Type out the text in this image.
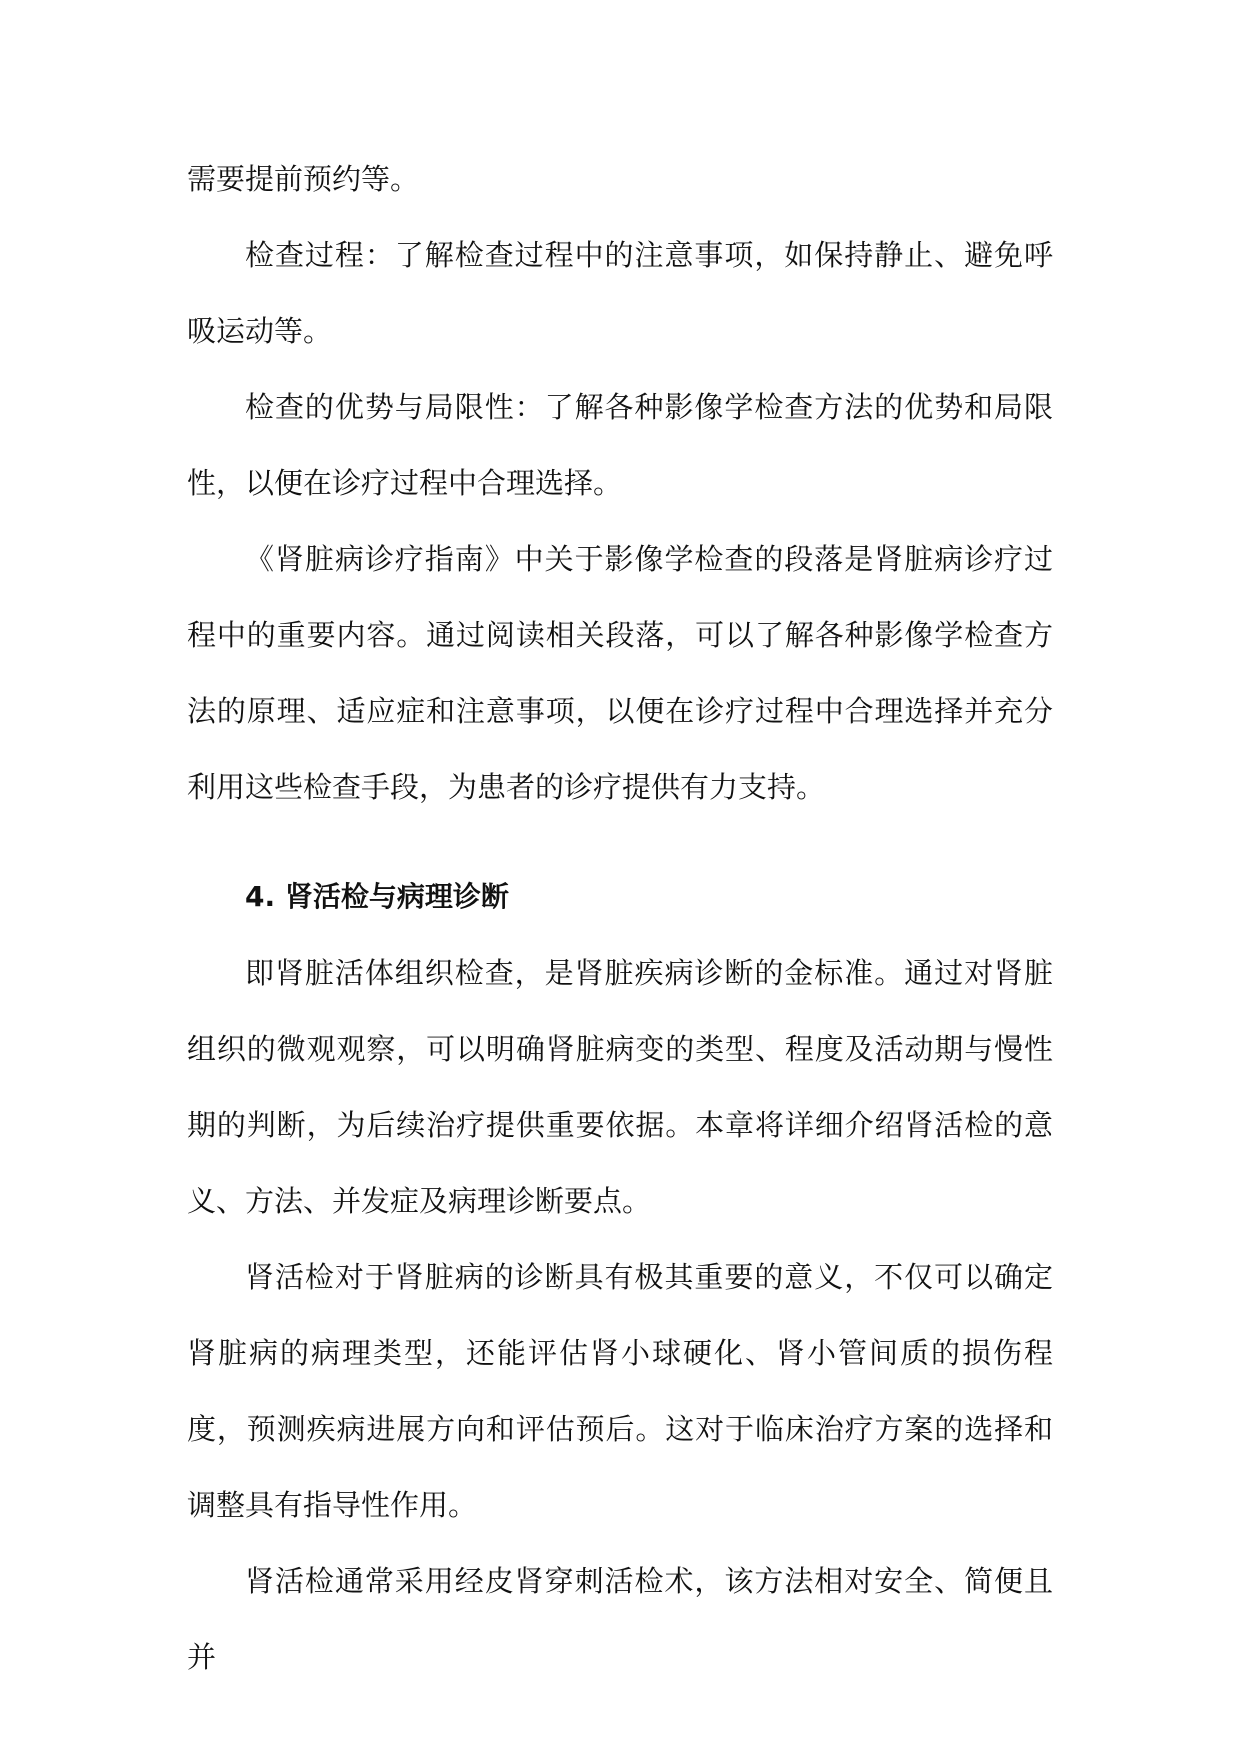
需要提前预约等。

检查过程：了解检查过程中的注意事项，如保持静止、避免呼吸运动等。

检查的优势与局限性：了解各种影像学检查方法的优势和局限性，以便在诊疗过程中合理选择。

《肾脏病诊疗指南》中关于影像学检查的段落是肾脏病诊疗过程中的重要内容。通过阅读相关段落，可以了解各种影像学检查方法的原理、适应症和注意事项，以便在诊疗过程中合理选择并充分利用这些检查手段，为患者的诊疗提供有力支持。

4. 肾活检与病理诊断

即肾脏活体组织检查，是肾脏疾病诊断的金标准。通过对肾脏组织的微观观察，可以明确肾脏病变的类型、程度及活动期与慢性期的判断，为后续治疗提供重要依据。本章将详细介绍肾活检的意义、方法、并发症及病理诊断要点。

肾活检对于肾脏病的诊断具有极其重要的意义，不仅可以确定肾脏病的病理类型，还能评估肾小球硬化、肾小管间质的损伤程度，预测疾病进展方向和评估预后。这对于临床治疗方案的选择和调整具有指导性作用。

肾活检通常采用经皮肾穿刺活检术，该方法相对安全、简便且并
